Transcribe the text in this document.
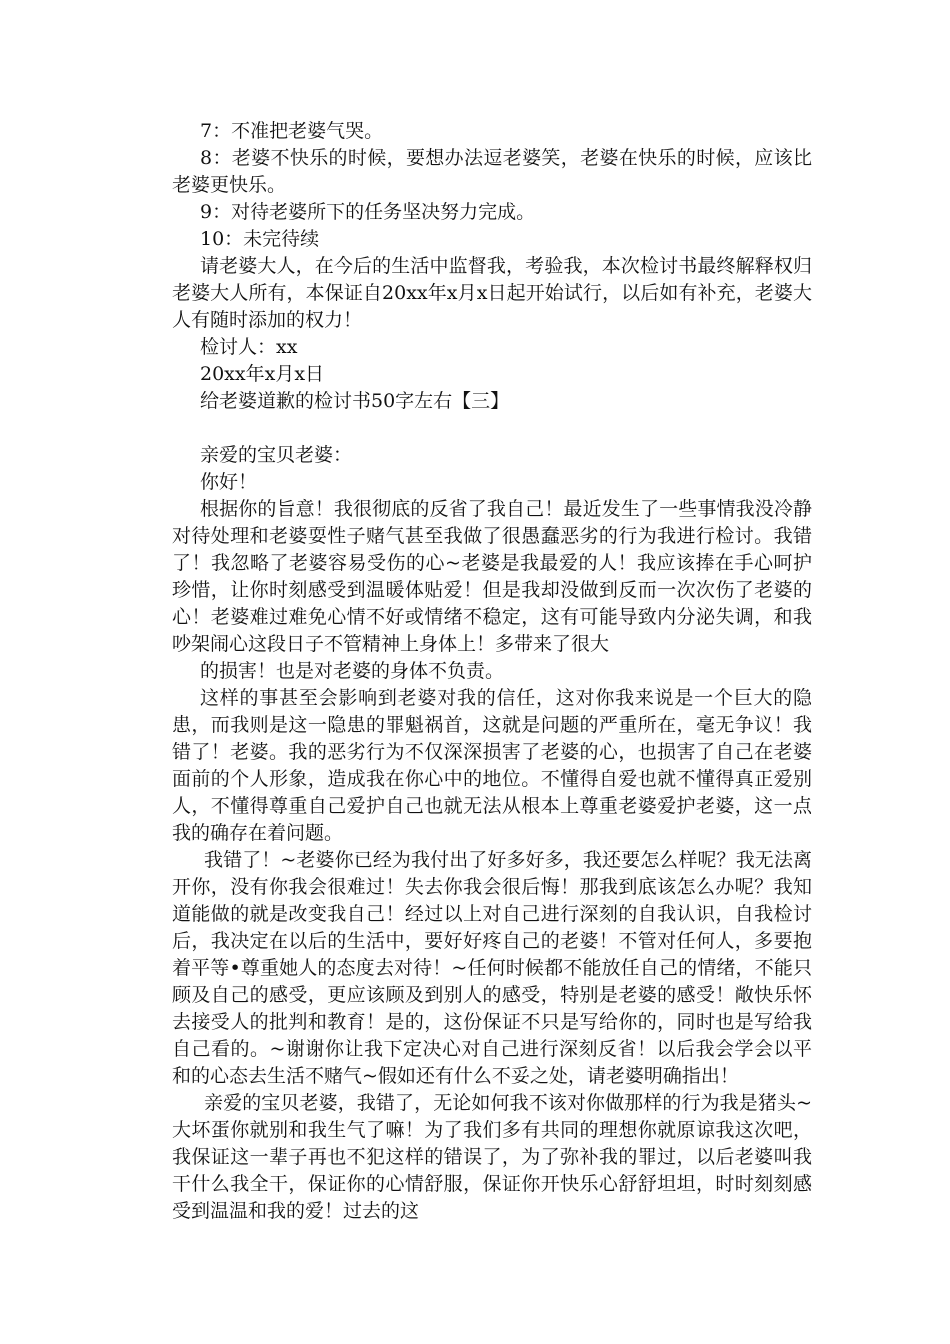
7：不准把老婆气哭。

8：老婆不快乐的时候，要想办法逗老婆笑，老婆在快乐的时候，应该比老婆更快乐。

9：对待老婆所下的任务坚决努力完成。

10：未完待续

请老婆大人，在今后的生活中监督我，考验我，本次检讨书最终解释权归老婆大人所有，本保证自20xx年x月x日起开始试行，以后如有补充，老婆大人有随时添加的权力！

检讨人：xx

20xx年x月x日

给老婆道歉的检讨书50字左右【三】

亲爱的宝贝老婆：

你好！

根据你的旨意！我很彻底的反省了我自己！最近发生了一些事情我没冷静对待处理和老婆耍性子赌气甚至我做了很愚蠢恶劣的行为我进行检讨。我错了！我忽略了老婆容易受伤的心~老婆是我最爱的人！我应该捧在手心呵护珍惜，让你时刻感受到温暖体贴爱！但是我却没做到反而一次次伤了老婆的心！老婆难过难免心情不好或情绪不稳定，这有可能导致内分泌失调，和我吵架闹心这段日子不管精神上身体上！多带来了很大

的损害！也是对老婆的身体不负责。

这样的事甚至会影响到老婆对我的信任，这对你我来说是一个巨大的隐患，而我则是这一隐患的罪魁祸首，这就是问题的严重所在，毫无争议！我错了！老婆。我的恶劣行为不仅深深损害了老婆的心，也损害了自己在老婆面前的个人形象，造成我在你心中的地位。不懂得自爱也就不懂得真正爱别人，不懂得尊重自己爱护自己也就无法从根本上尊重老婆爱护老婆，这一点我的确存在着问题。

我错了！~老婆你已经为我付出了好多好多，我还要怎么样呢？我无法离开你，没有你我会很难过！失去你我会很后悔！那我到底该怎么办呢？我知道能做的就是改变我自己！经过以上对自己进行深刻的自我认识，自我检讨后，我决定在以后的生活中，要好好疼自己的老婆！不管对任何人，多要抱着平等•尊重她人的态度去对待！~任何时候都不能放任自己的情绪，不能只顾及自己的感受，更应该顾及到别人的感受，特别是老婆的感受！敞快乐怀去接受人的批判和教育！是的，这份保证不只是写给你的，同时也是写给我自己看的。~谢谢你让我下定决心对自己进行深刻反省！以后我会学会以平和的心态去生活不赌气~假如还有什么不妥之处，请老婆明确指出！

亲爱的宝贝老婆，我错了，无论如何我不该对你做那样的行为我是猪头~大坏蛋你就别和我生气了嘛！为了我们多有共同的理想你就原谅我这次吧，我保证这一辈子再也不犯这样的错误了，为了弥补我的罪过，以后老婆叫我干什么我全干，保证你的心情舒服，保证你开快乐心舒舒坦坦，时时刻刻感受到温温和我的爱！过去的这
